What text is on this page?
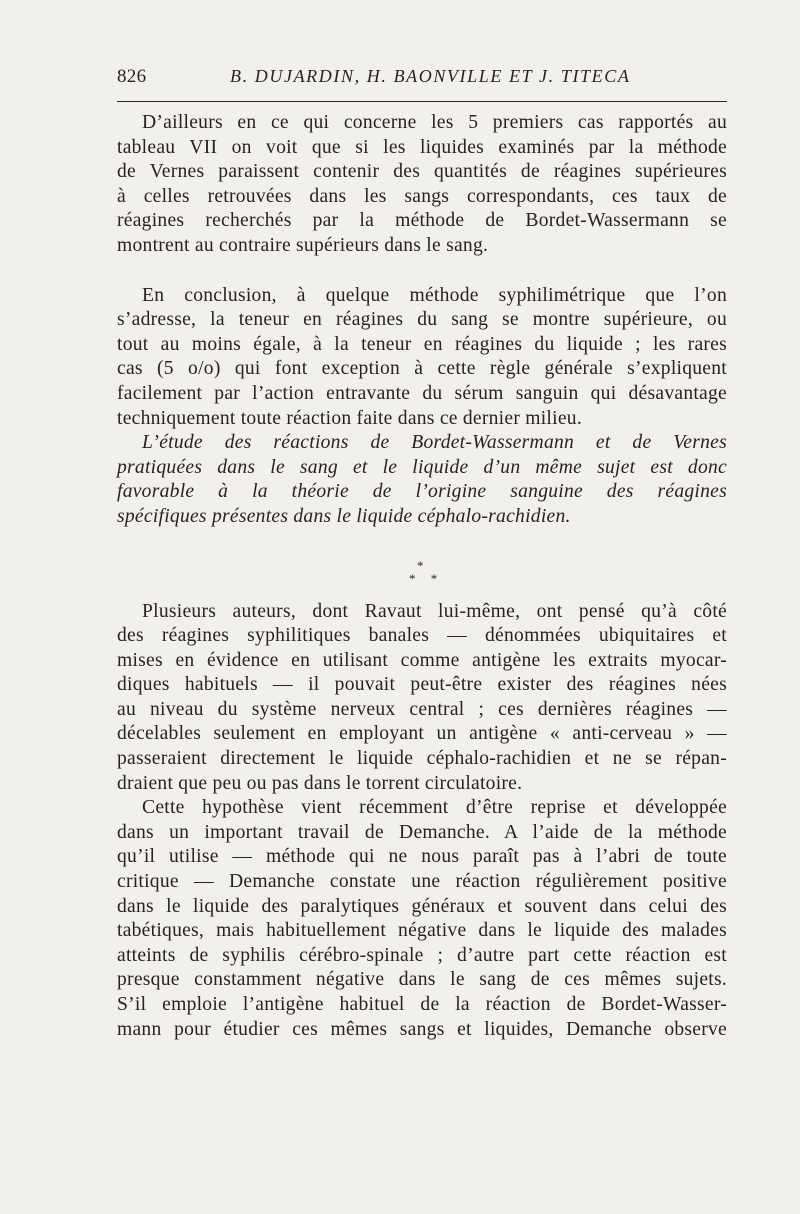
826	B. DUJARDIN, H. BAONVILLE ET J. TITECA
D’ailleurs en ce qui concerne les 5 premiers cas rapportés au
tableau VII on voit que si les liquides examinés par la méthode
de Vernes paraissent contenir des quantités de réagines supérieures
à celles retrouvées dans les sangs correspondants, ces taux de
réagines recherchés par la méthode de Bordet-Wassermann se
montrent au contraire supérieurs dans le sang.
En conclusion, à quelque méthode syphilimétrique que l’on
s’adresse, la teneur en réagines du sang se montre supérieure, ou
tout au moins égale, à la teneur en réagines du liquide ; les rares
cas (5 o/o) qui font exception à cette règle générale s’expliquent
facilement par l’action entravante du sérum sanguin qui désavantage
techniquement toute réaction faite dans ce dernier milieu.
L’étude des réactions de Bordet-Wassermann et de Vernes
pratiquées dans le sang et le liquide d’un même sujet est donc
favorable à la théorie de l’origine sanguine des réagines
spécifiques présentes dans le liquide céphalo-rachidien.
*
* *
Plusieurs auteurs, dont Ravaut lui-même, ont pensé qu’à côté
des réagines syphilitiques banales — dénommées ubiquitaires et
mises en évidence en utilisant comme antigène les extraits myocar-
diques habituels — il pouvait peut-être exister des réagines nées
au niveau du système nerveux central ; ces dernières réagines —
décelables seulement en employant un antigène « anti-cerveau » —
passeraient directement le liquide céphalo-rachidien et ne se répan-
draient que peu ou pas dans le torrent circulatoire.
Cette hypothèse vient récemment d’être reprise et développée
dans un important travail de Demanche. A l’aide de la méthode
qu’il utilise — méthode qui ne nous paraît pas à l’abri de toute
critique — Demanche constate une réaction régulièrement positive
dans le liquide des paralytiques généraux et souvent dans celui des
tabétiques, mais habituellement négative dans le liquide des malades
atteints de syphilis cérébro-spinale ; d’autre part cette réaction est
presque constamment négative dans le sang de ces mêmes sujets.
S’il emploie l’antigène habituel de la réaction de Bordet-Wasser-
mann pour étudier ces mêmes sangs et liquides, Demanche observe
